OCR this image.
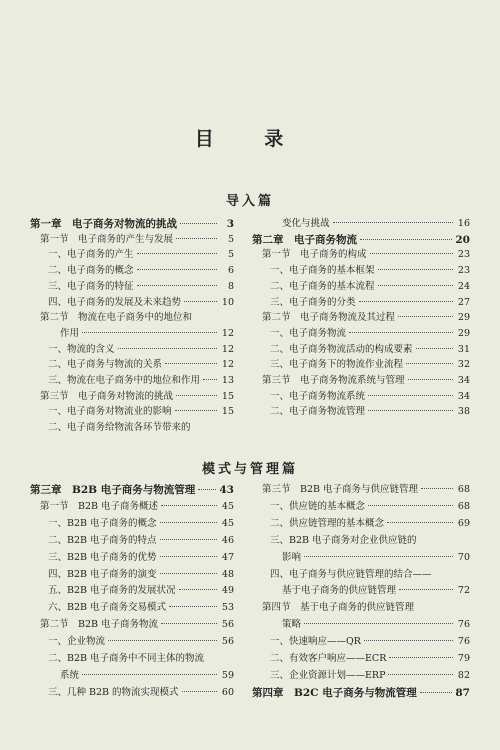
目 录
导入篇
模式与管理篇
第一章　电子商务对物流的挑战	3
第一节　电子商务的产生与发展	5
一、电子商务的产生	5
二、电子商务的概念	6
三、电子商务的特征	8
四、电子商务的发展及未来趋势	10
第二节　物流在电子商务中的地位和
作用	12
一、物流的含义	12
二、电子商务与物流的关系	12
三、物流在电子商务中的地位和作用 13
第三节　电子商务对物流的挑战	15
一、电子商务对物流业的影响	15
二、电子商务给物流各环节带来的
变化与挑战	16
第二章　电子商务物流	20
第一节　电子商务的构成	23
一、电子商务的基本框架	23
二、电子商务的基本流程	24
三、电子商务的分类	27
第二节　电子商务物流及其过程	29
一、电子商务物流	29
二、电子商务物流活动的构成要素	31
三、电子商务下的物流作业流程	32
第三节　电子商务物流系统与管理	34
一、电子商务物流系统	34
二、电子商务物流管理	38
第三章　B2B 电子商务与物流管理 43
第一节　B2B 电子商务概述	45
一、B2B 电子商务的概念	45
二、B2B 电子商务的特点	46
三、B2B 电子商务的优势	47
四、B2B 电子商务的演变	48
五、B2B 电子商务的发展状况	49
六、B2B 电子商务交易模式	53
第二节　B2B 电子商务物流	56
一、企业物流	56
二、B2B 电子商务中不同主体的物流
系统	59
三、几种 B2B 的物流实现模式	60
第三节　B2B 电子商务与供应链管理	68
一、供应链的基本概念	68
二、供应链管理的基本概念	69
三、B2B 电子商务对企业供应链的
影响	70
四、电子商务与供应链管理的结合——
基于电子商务的供应链管理	72
第四节　基于电子商务的供应链管理
策略	76
一、快速响应——QR	76
二、有效客户响应——ECR	79
三、企业资源计划——ERP	82
第四章　B2C 电子商务与物流管理	87
